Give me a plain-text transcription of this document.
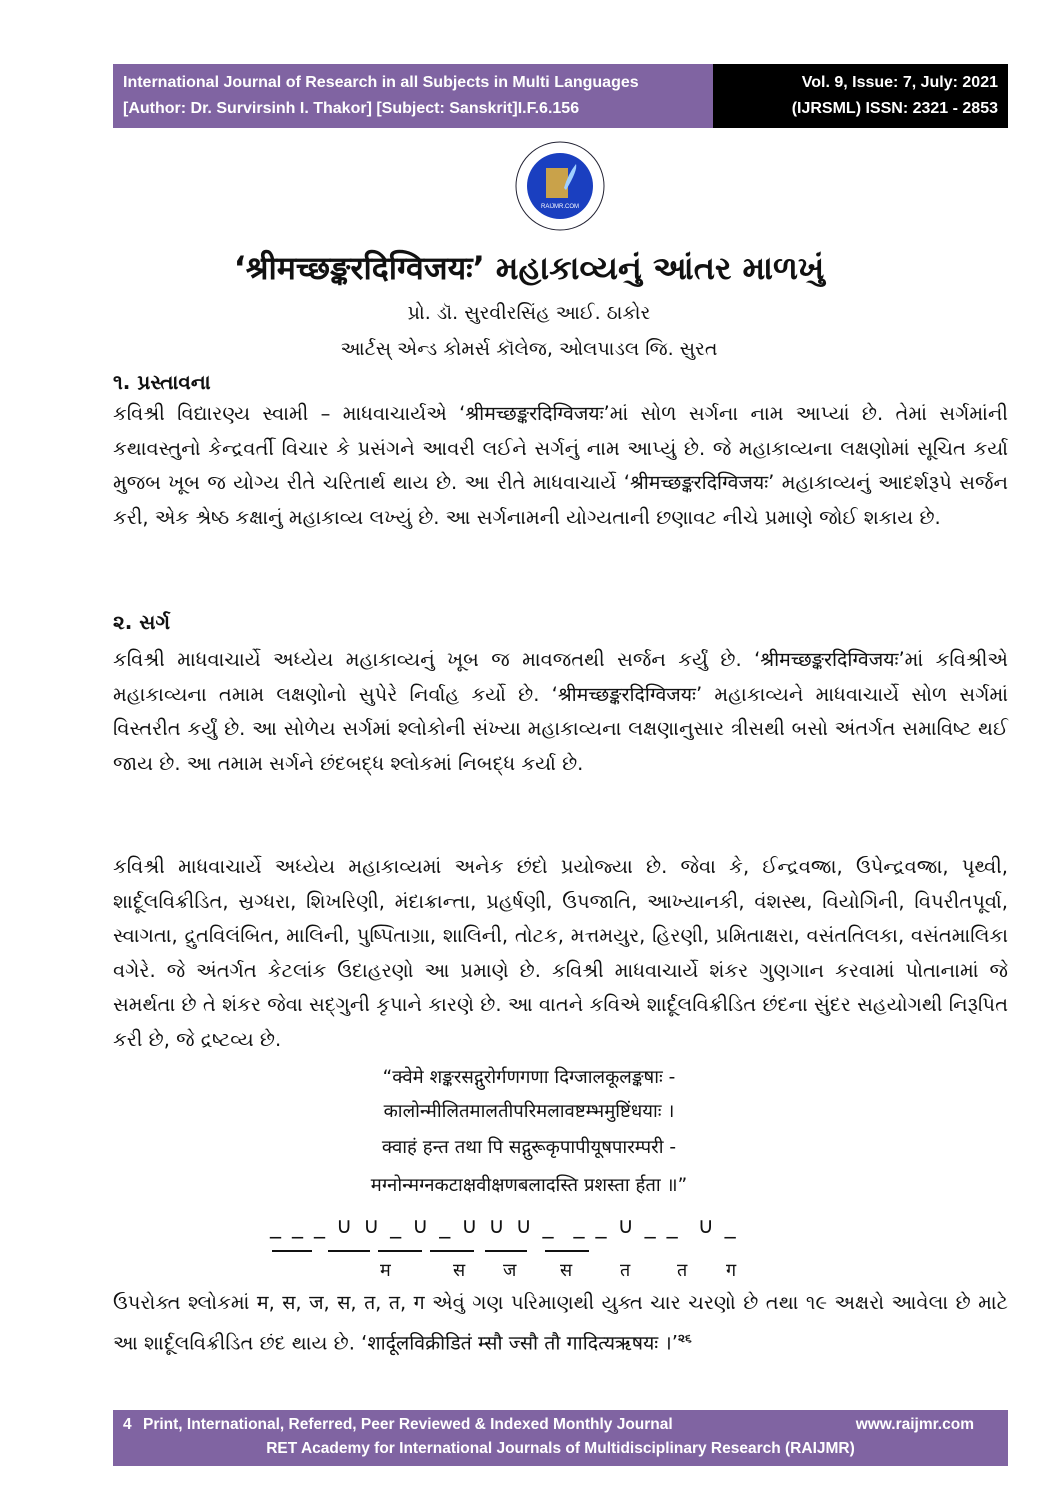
International Journal of Research in all Subjects in Multi Languages
[Author: Dr. Survirsinh I. Thakor] [Subject: Sanskrit]I.F.6.156
Vol. 9, Issue: 7, July: 2021
(IJRSML) ISSN: 2321 - 2853
RAIJMR.COM
‘श्रीमच्छङ्करदिग्विजयः’ મહાકાવ્યનું આંતર માળખું
પ્રો. ડૉ. સુરવીરસિંહ આઈ. ઠાકોર
આર્ટસ્ એન્ડ કોમર્સ કૉલેજ, ઓલપાડલ જિ. સુરત
૧. પ્રસ્તાવના
કવિશ્રી વિદ્યારણ્ય સ્વામી – માધવાચાર્યએ ‘श्रीमच्छङ्करदिग्विजयः’માં સોળ સર્ગના નામ આપ્યાં છે. તેમાં સર્ગમાંની કથાવસ્તુનો કેન્દ્રવર્તી વિચાર કે પ્રસંગને આવરી લઈને સર્ગનું નામ આપ્યું છે. જે મહાકાવ્યના લક્ષણોમાં સૂચિત કર્યા મુજબ ખૂબ જ યોગ્ય રીતે ચરિતાર્થ થાય છે. આ રીતે માધવાચાર્યે ‘श्रीमच्छङ्करदिग्विजयः’ મહાકાવ્યનું આદર્શરૂપે સર્જન કરી, એક શ્રેષ્ઠ કક્ષાનું મહાકાવ્ય લખ્યું છે. આ સર્ગનામની યોગ્યતાની છણાવટ નીચે પ્રમાણે જોઈ શકાય છે.
૨. સર્ગ
કવિશ્રી માધવાચાર્યે અધ્યેય મહાકાવ્યનું ખૂબ જ માવજતથી સર્જન કર્યું છે. ‘श्रीमच्छङ्करदिग्विजयः’માં કવિશ્રીએ મહાકાવ્યના તમામ લક્ષણોનો સુપેરે નિર્વાહ કર્યો છે. ‘श्रीमच्छङ्करदिग्विजयः’ મહાકાવ્યને માધવાચાર્યે સોળ સર્ગમાં વિસ્તરીત કર્યું છે. આ સોળેય સર્ગમાં શ્લોકોની સંખ્યા મહાકાવ્યના લક્ષણાનુસાર ત્રીસથી બસો અંતર્ગત સમાવિષ્ટ થઈ જાય છે. આ તમામ સર્ગને છંદબદ્ધ શ્લોકમાં નિબદ્ધ કર્યા છે.
કવિશ્રી માધવાચાર્યે અધ્યેય મહાકાવ્યમાં અનેક છંદો પ્રયોજ્યા છે. જેવા કે, ઈન્દ્રવજ્રા, ઉપેન્દ્રવજ્રા, પૃથ્વી, શાર્દૂલવિક્રીડિત, સ્રગ્ધરા, શિખરિણી, મંદાક્રાન્તા, પ્રહર્ષણી, ઉપજાતિ, આખ્યાનકી, વંશસ્થ, વિયોગિની, વિપરીતપૂર્વા, સ્વાગતા, દ્રુતવિલંબિત, માલિની, પુષ્પિતાગ્રા, શાલિની, તોટક, મત્તમયુર, હિરણી, પ્રમિતાક્ષરા, વસંતતિલકા, વસંતમાલિકા વગેરે. જે અંતર્ગત કેટલાંક ઉદાહરણો આ પ્રમાણે છે. કવિશ્રી માધવાચાર્યે શંકર ગુણગાન કરવામાં પોતાનામાં જે સમર્થતા છે તે શંકર જેવા સદ્ગુની કૃપાને કારણે છે. આ વાતને કવિએ શાર્દૂલવિક્રીડિત છંદના સુંદર સહયોગથી નિરૂપિત કરી છે, જે દ્રષ્ટવ્ય છે.
“क्वेमे शङ्करसद्गुरोर्गणगणा दिग्जालकूलङ्कषाः -
कालोन्मीलितमालतीपरिमलावष्टम्भमुष्टिंधयाः ।
क्वाहं हन्त तथा पि सद्गुरूकृपापीयूषपारम्परी -
मग्नोन्मग्नकटाक्षवीक्षणबलादस्ति प्रशस्ता र्हता ॥”
_ _ _ ∪ ∪ _ ∪ _ ∪ ∪ ∪ _  _ _ ∪ _ _  ∪ _
म	स ज स	त	त ग
ઉપરોક્ત શ્લોકમાં म, स, ज, स, त, त, ग એવું ગણ પરિમાણથી યુક્ત ચાર ચરણો છે તથા ૧૯ અક્ષરો આવેલા છે માટે આ શાર્દૂલવિક્રીડિત છંદ થાય છે. ‘शार्दूलविक्रीडितं म्सौ ज्सौ तौ गादित्यऋषयः ।’$^{૨૬}$
4 Print, International, Referred, Peer Reviewed & Indexed Monthly Journal	www.raijmr.com
RET Academy for International Journals of Multidisciplinary Research (RAIJMR)
